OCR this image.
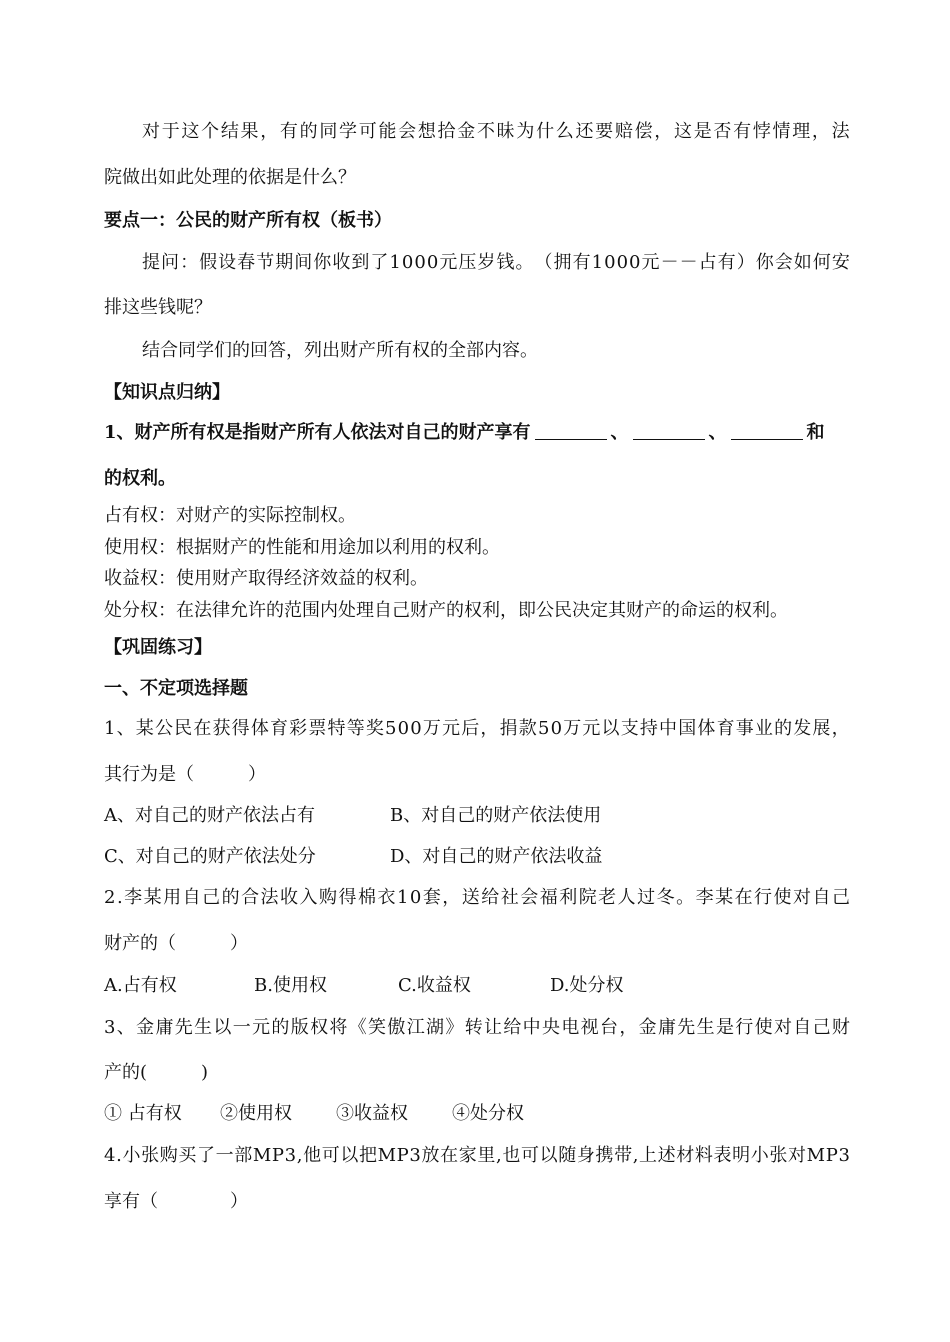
对 于 这 个 结 果 ， 有 的 同 学 可 能 会 想 拾 金 不 昧 为 什 么 还 要 赔 偿 ， 这 是 否 有 悖 情 理 ， 法
院做出如此处理的依据是什么？
要点一：公民的财产所有权（板书）
提 问 ： 假 设 春 节 期 间 你 收 到 了 1 0 0 0 元 压 岁 钱 。 （ 拥 有 1 0 0 0 元 － － 占 有 ） 你 会 如 何 安
排这些钱呢？
结合同学们的回答，列出财产所有权的全部内容。
【知识点归纳】
1、财产所有权是指财产所有人依法对自己的财产享有	、	、	和
的权利。
占有权：对财产的实际控制权。
使用权：根据财产的性能和用途加以利用的权利。
收益权：使用财产取得经济效益的权利。
处分权：在法律允许的范围内处理自己财产的权利，即公民决定其财产的命运的权利。
【巩固练习】
一、不定项选择题
1 、 某 公 民 在 获 得 体 育 彩 票 特 等 奖 5 0 0 万 元 后 ， 捐 款 5 0 万 元 以 支 持 中 国 体 育 事 业 的 发 展 ，
其行为是（　　　）
A、对自己的财产依法占有	B、对自己的财产依法使用
C、对自己的财产依法处分	D、对自己的财产依法收益
2 . 李 某 用 自 己 的 合 法 收 入 购 得 棉 衣 1 0 套 ， 送 给 社 会 福 利 院 老 人 过 冬 。 李 某 在 行 使 对 自 己
财产的（　　　）
A.占有权	B.使用权	C.收益权	D.处分权
3 、 金 庸 先 生 以 一 元 的 版 权 将 《 笑 傲 江 湖 》 转 让 给 中 央 电 视 台 ， 金 庸 先 生 是 行 使 对 自 己 财
产的(　　　)
① 占有权 ②使用权 ③收益权 ④处分权
4 . 小 张 购 买 了 一 部 M P 3 , 他 可 以 把 M P 3 放 在 家 里 , 也 可 以 随 身 携 带 , 上 述 材 料 表 明 小 张 对 M P 3
享有（　　　　）
